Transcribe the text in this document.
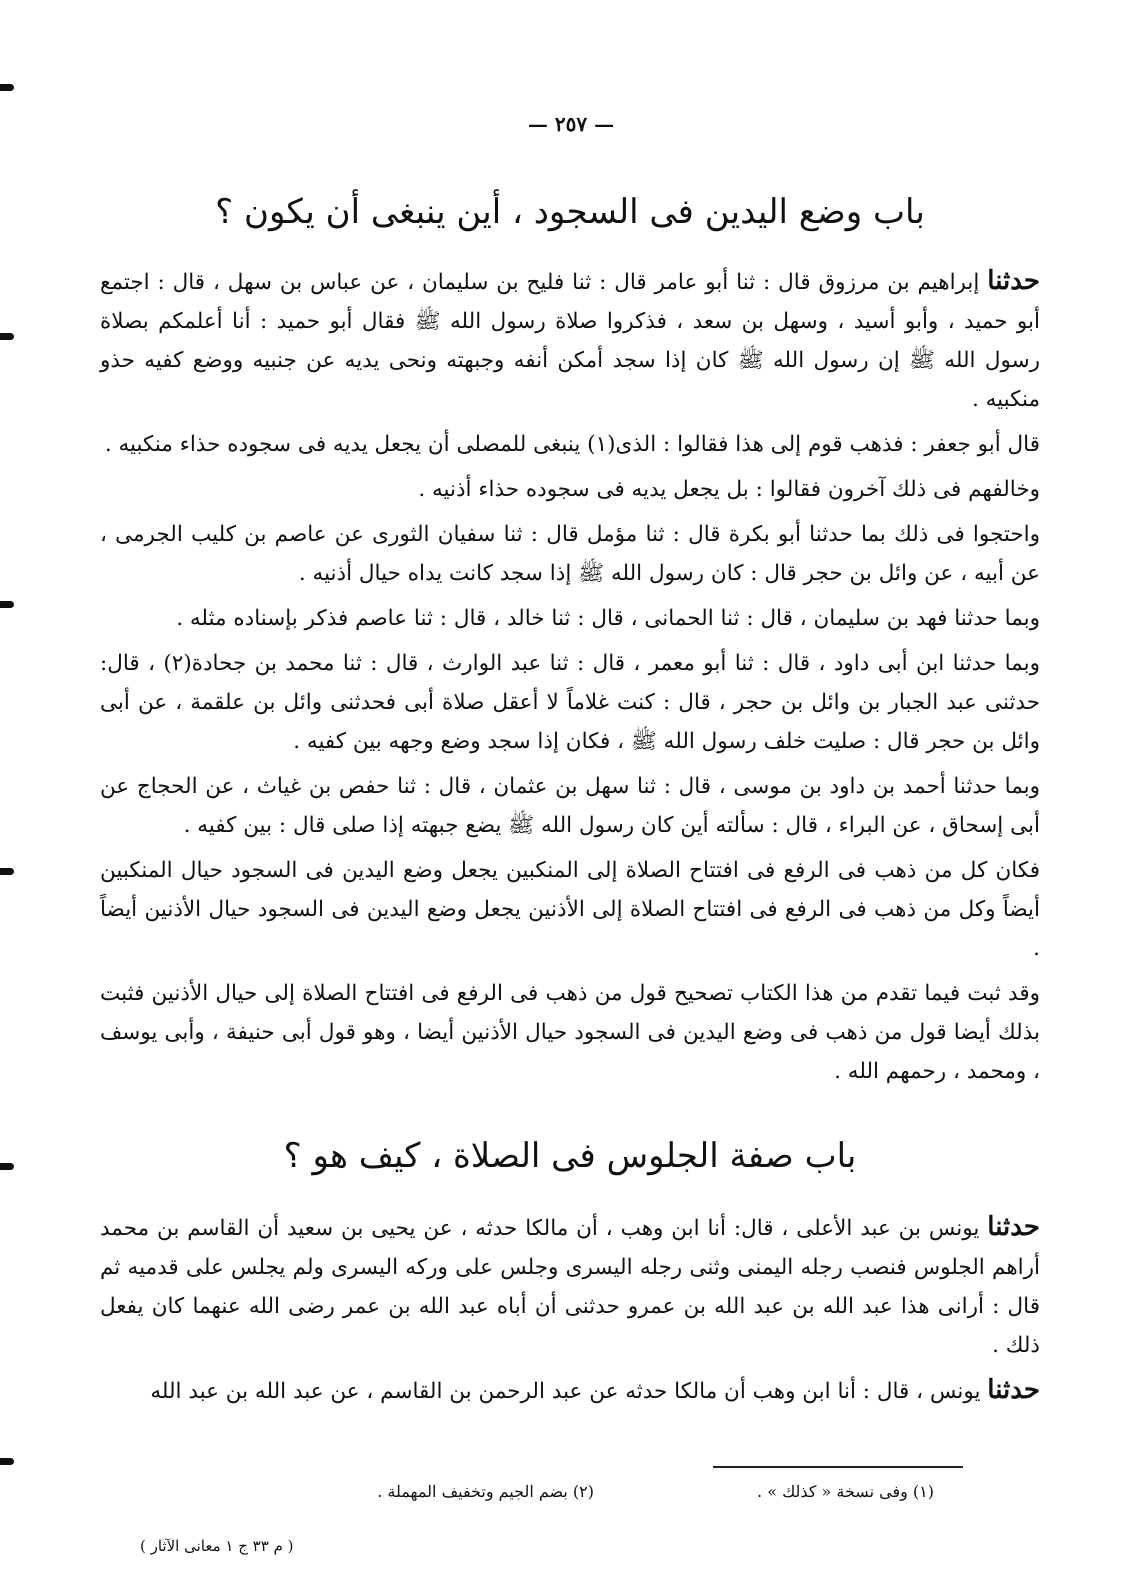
— ٢٥٧ —
باب وضع اليدين فى السجود ، أين ينبغى أن يكون ؟

حدثنا إبراهيم بن مرزوق قال : ثنا أبو عامر قال : ثنا فليح بن سليمان ، عن عباس بن سهل ، قال : اجتمع أبو حميد ، وأبو أسيد ، وسهل بن سعد ، فذكروا صلاة رسول الله ﷺ فقال أبو حميد : أنا أعلمكم بصلاة رسول الله ﷺ إن رسول الله ﷺ كان إذا سجد أمكن أنفه وجبهته ونحى يديه عن جنبيه ووضع كفيه حذو منكبيه .

قال أبو جعفر : فذهب قوم إلى هذا فقالوا : الذى(١) ينبغى للمصلى أن يجعل يديه فى سجوده حذاء منكبيه .

وخالفهم فى ذلك آخرون فقالوا : بل يجعل يديه فى سجوده حذاء أذنيه .

واحتجوا فى ذلك بما حدثنا أبو بكرة قال : ثنا مؤمل قال : ثنا سفيان الثورى عن عاصم بن كليب الجرمى ، عن أبيه ، عن وائل بن حجر قال : كان رسول الله ﷺ إذا سجد كانت يداه حيال أذنيه .

وبما حدثنا فهد بن سليمان ، قال : ثنا الحمانى ، قال : ثنا خالد ، قال : ثنا عاصم فذكر بإسناده مثله .

وبما حدثنا ابن أبى داود ، قال : ثنا أبو معمر ، قال : ثنا عبد الوارث ، قال : ثنا محمد بن جحادة(٢) ، قال: حدثنى عبد الجبار بن وائل بن حجر ، قال : كنت غلاماً لا أعقل صلاة أبى فحدثنى وائل بن علقمة ، عن أبى وائل بن حجر قال : صليت خلف رسول الله ﷺ ، فكان إذا سجد وضع وجهه بين كفيه .

وبما حدثنا أحمد بن داود بن موسى ، قال : ثنا سهل بن عثمان ، قال : ثنا حفص بن غياث ، عن الحجاج عن أبى إسحاق ، عن البراء ، قال : سألته أين كان رسول الله ﷺ يضع جبهته إذا صلى قال : بين كفيه .

فكان كل من ذهب فى الرفع فى افتتاح الصلاة إلى المنكبين يجعل وضع اليدين فى السجود حيال المنكبين أيضاً وكل من ذهب فى الرفع فى افتتاح الصلاة إلى الأذنين يجعل وضع اليدين فى السجود حيال الأذنين أيضاً .

وقد ثبت فيما تقدم من هذا الكتاب تصحيح قول من ذهب فى الرفع فى افتتاح الصلاة إلى حيال الأذنين فثبت بذلك أيضا قول من ذهب فى وضع اليدين فى السجود حيال الأذنين أيضا ، وهو قول أبى حنيفة ، وأبى يوسف ، ومحمد ، رحمهم الله .

باب صفة الجلوس فى الصلاة ، كيف هو ؟

حدثنا يونس بن عبد الأعلى ، قال: أنا ابن وهب ، أن مالكا حدثه ، عن يحيى بن سعيد أن القاسم بن محمد أراهم الجلوس فنصب رجله اليمنى وثنى رجله اليسرى وجلس على وركه اليسرى ولم يجلس على قدميه ثم قال : أرانى هذا عبد الله بن عبد الله بن عمرو حدثنى أن أباه عبد الله بن عمر رضى الله عنهما كان يفعل ذلك .

حدثنا يونس ، قال : أنا ابن وهب أن مالكا حدثه عن عبد الرحمن بن القاسم ، عن عبد الله بن عبد الله

(١) وفى نسخة « كذلك » .
(٢) بضم الجيم وتخفيف المهملة .
( م ٣٣ ج ١ معانى الآثار )
